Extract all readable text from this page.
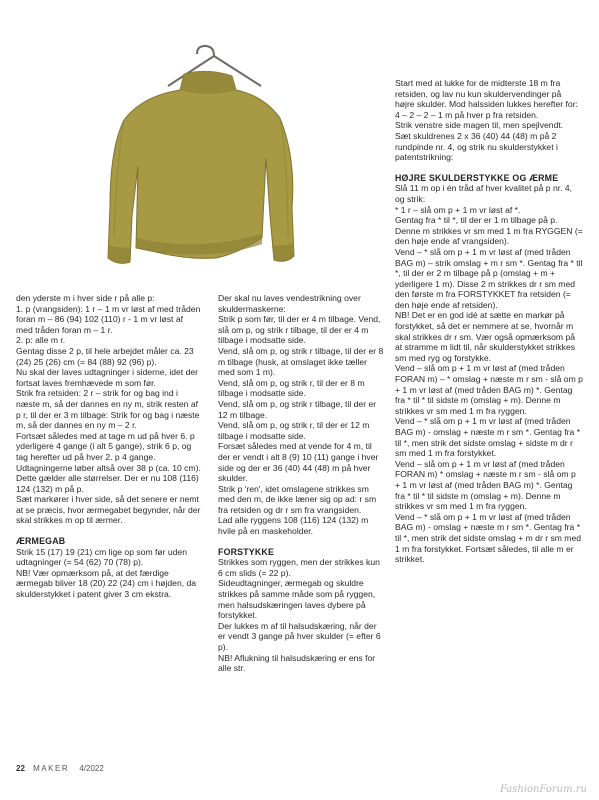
den yderste m i hver side r på alle p:

1. p (vrangsiden): 1 r – 1 m vr løst af med tråden foran m – 86 (94) 102 (110) r - 1 m vr løst af med tråden foran m – 1 r.

2. p: alle m r.

Gentag disse 2 p, til hele arbejdet måler ca. 23 (24) 25 (26) cm (= 84 (88) 92 (96) p).

Nu skal der laves udtagninger i siderne, idet der fortsat laves fremhævede m som før.

Strik fra retsiden: 2 r – strik for og bag ind i næste m, så der dannes en ny m, strik resten af p r, til der er 3 m tilbage: Strik for og bag i næste m, så der dannes en ny m – 2 r.

Fortsæt således med at tage m ud på hver 6. p yderligere 4 gange (i alt 5 gange), strik 6 p, og tag herefter ud på hver 2. p 4 gange.

Udtagningerne løber altså over 38 p (ca. 10 cm). Dette gælder alle størrelser. Der er nu 108 (116) 124 (132) m på p.

Sæt markører i hver side, så det senere er nemt at se præcis, hvor ærmegabet begynder, når der skal strikkes m op til ærmer.

ÆRMEGAB

Strik 15 (17) 19 (21) cm lige op som før uden udtagninger (= 54 (62) 70 (78) p).

NB! Vær opmærksom på, at det færdige ærmegab bliver 18 (20) 22 (24) cm i højden, da skulderstykket i patent giver 3 cm ekstra.

Der skal nu laves vendestrikning over skuldermaskerne:

Strik p som før, til der er 4 m tilbage. Vend, slå om p, og strik r tilbage, til der er 4 m tilbage i modsatte side.

Vend, slå om p, og strik r tilbage, til der er 8 m tilbage (husk, at omslaget ikke tæller med som 1 m).

Vend, slå om p, og strik r, til der er 8 m tilbage i modsatte side.

Vend, slå om p, og strik r tilbage, til der er 12 m tilbage.

Vend, slå om p, og strik r, til der er 12 m tilbage i modsatte side.

Forsæt således med at vende for 4 m, til der er vendt i alt 8 (9) 10 (11) gange i hver side og der er 36 (40) 44 (48) m på hver skulder.

Strik p 'ren', idet omslagene strikkes sm med den m, de ikke læner sig op ad: r sm fra retsiden og dr r sm fra vrangsiden.

Lad alle ryggens 108 (116) 124 (132) m hvile på en maskeholder.

FORSTYKKE

Strikkes som ryggen, men der strikkes kun 6 cm slids (= 22 p).

Sideudtagninger, ærmegab og skuldre strikkes på samme måde som på ryggen, men halsudskæringen laves dybere på forstykket.

Der lukkes m af til halsudskæring, når der er vendt 3 gange på hver skulder (= efter 6 p).

NB! Aflukning til halsudskæring er ens for alle str.

Start med at lukke for de midterste 18 m fra retsiden, og lav nu kun skuldervendinger på højre skulder. Mod halssiden lukkes herefter for: 4 – 2 – 2 – 1 m på hver p fra retsiden.

Strik venstre side magen til, men spejlvendt.

Sæt skuldrenes 2 x 36 (40) 44 (48) m på 2 rundpinde nr. 4, og strik nu skulderstykket i patentstrikning:

HØJRE SKULDERSTYKKE OG ÆRME

Slå 11 m op i én tråd af hver kvalitet på p nr. 4, og strik:

* 1 r – slå om p + 1 m vr løst af *.

Gentag fra * til *, til der er 1 m tilbage på p. Denne m strikkes vr sm med 1 m fra RYGGEN (= den høje ende af vrangsiden).

Vend – * slå om p + 1 m vr løst af (med tråden BAG m) – strik omslag + m r sm *. Gentag fra * til *, til der er 2 m tilbage på p (omslag + m + yderligere 1 m). Disse 2 m strikkes dr r sm med den første m fra FORSTYKKET fra retsiden (= den høje ende af retsiden).

NB! Det er en god idé at sætte en markør på forstykket, så det er nemmere at se, hvornår m skal strikkes dr r sm. Vær også opmærksom på at stramme m lidt til, når skulderstykket strikkes sm med ryg og forstykke.

Vend – slå om p + 1 m vr løst af (med tråden FORAN m) – * omslag + næste m r sm - slå om p + 1 m vr løst af (med tråden BAG m) *. Gentag fra * til * til sidste m (omslag + m). Denne m strikkes vr sm med 1 m fra ryggen.

Vend – * slå om p + 1 m vr løst af (med tråden BAG m) - omslag + næste m r sm *. Gentag fra * til *, men strik det sidste omslag + sidste m dr r sm med 1 m fra forstykket.

Vend – slå om p + 1 m vr løst af (med tråden FORAN m) * omslag + næste m r sm - slå om p + 1 m vr løst af (med tråden BAG m) *. Gentag fra * til * til sidste m (omslag + m). Denne m strikkes vr sm med 1 m fra ryggen.

Vend – * slå om p + 1 m vr løst af (med tråden BAG m) - omslag + næste m r sm *. Gentag fra * til *, men strik det sidste omslag + m dr r sm med 1 m fra forstykket. Fortsæt således, til alle m er strikket.

22 MAKER 4/2022
FashionForum.ru
